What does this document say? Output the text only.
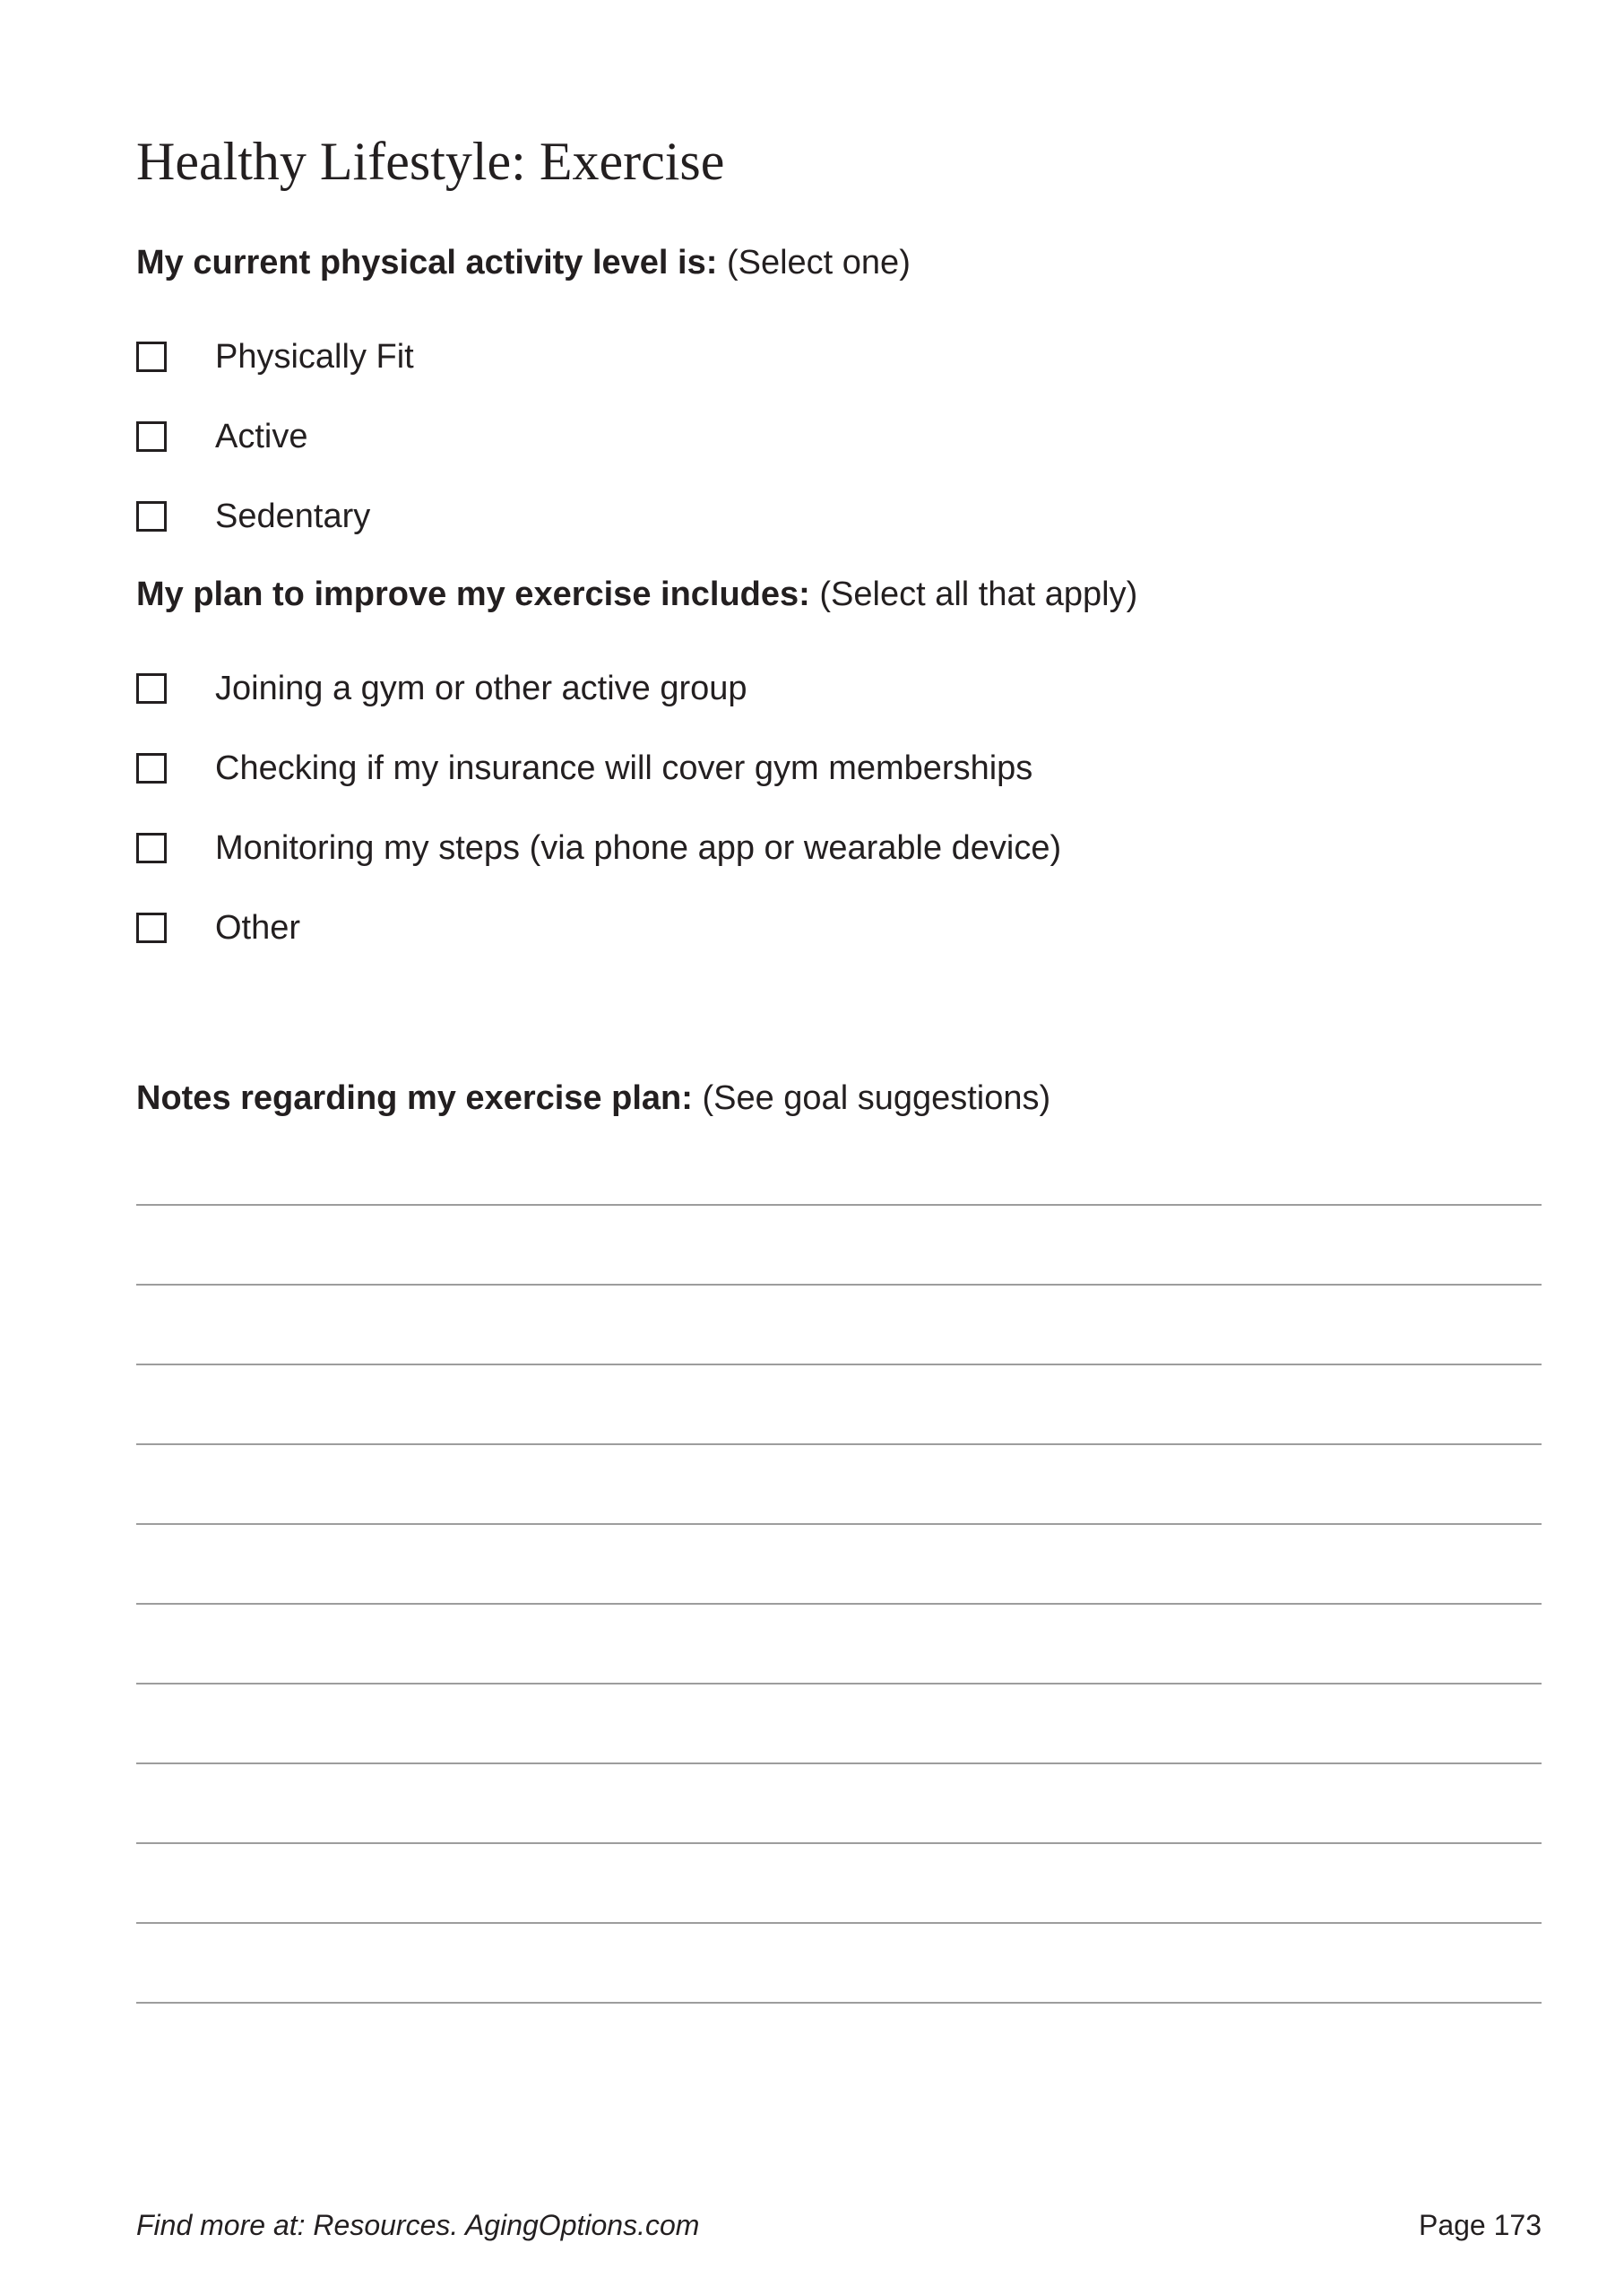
Healthy Lifestyle: Exercise

My current physical activity level is: (Select one)

Physically Fit
Active
Sedentary

My plan to improve my exercise includes: (Select all that apply)

Joining a gym or other active group
Checking if my insurance will cover gym memberships
Monitoring my steps (via phone app or wearable device)
Other

Notes regarding my exercise plan: (See goal suggestions)

Find more at: Resources. AgingOptions.com	Page 173
